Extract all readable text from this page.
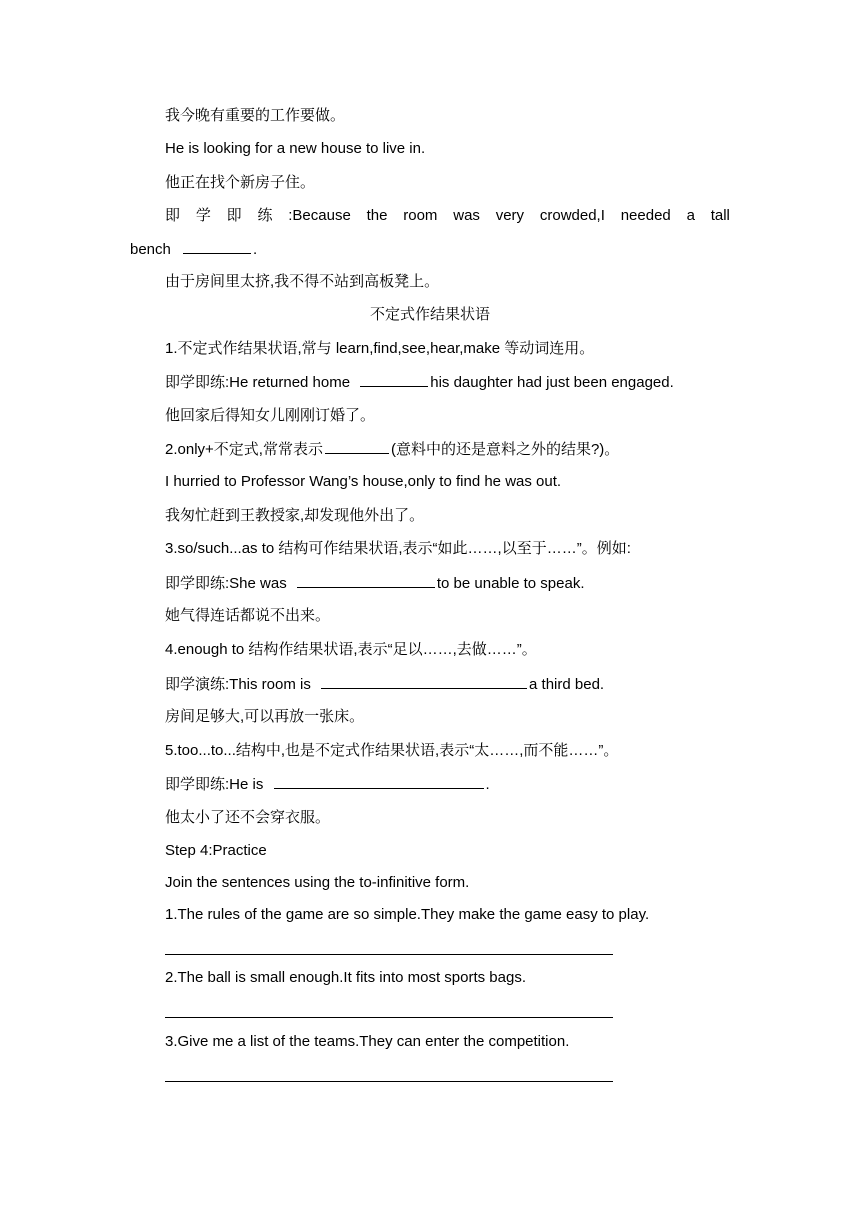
我今晚有重要的工作要做。
He is looking for a new house to live in.
他正在找个新房子住。
即 学 即 练 :Because the room was very crowded,I needed a tall
bench	.
由于房间里太挤,我不得不站到高板凳上。
不定式作结果状语
1.不定式作结果状语,常与 learn,find,see,hear,make 等动词连用。
即学即练:He returned home	his daughter had just been engaged.
他回家后得知女儿刚刚订婚了。
2.only+不定式,常常表示	(意料中的还是意料之外的结果?)。
I hurried to Professor Wang’s house,only to find he was out.
我匆忙赶到王教授家,却发现他外出了。
3.so/such...as to 结构可作结果状语,表示“如此……,以至于……”。例如:
即学即练:She was	to be unable to speak.
她气得连话都说不出来。
4.enough to 结构作结果状语,表示“足以……,去做……”。
即学演练:This room is	a third bed.
房间足够大,可以再放一张床。
5.too...to...结构中,也是不定式作结果状语,表示“太……,而不能……”。
即学即练:He is	.
他太小了还不会穿衣服。
Step 4:Practice
Join the sentences using the to-infinitive form.
1.The rules of the game are so simple.They make the game easy to play.
2.The ball is small enough.It fits into most sports bags.
3.Give me a list of the teams.They can enter the competition.
